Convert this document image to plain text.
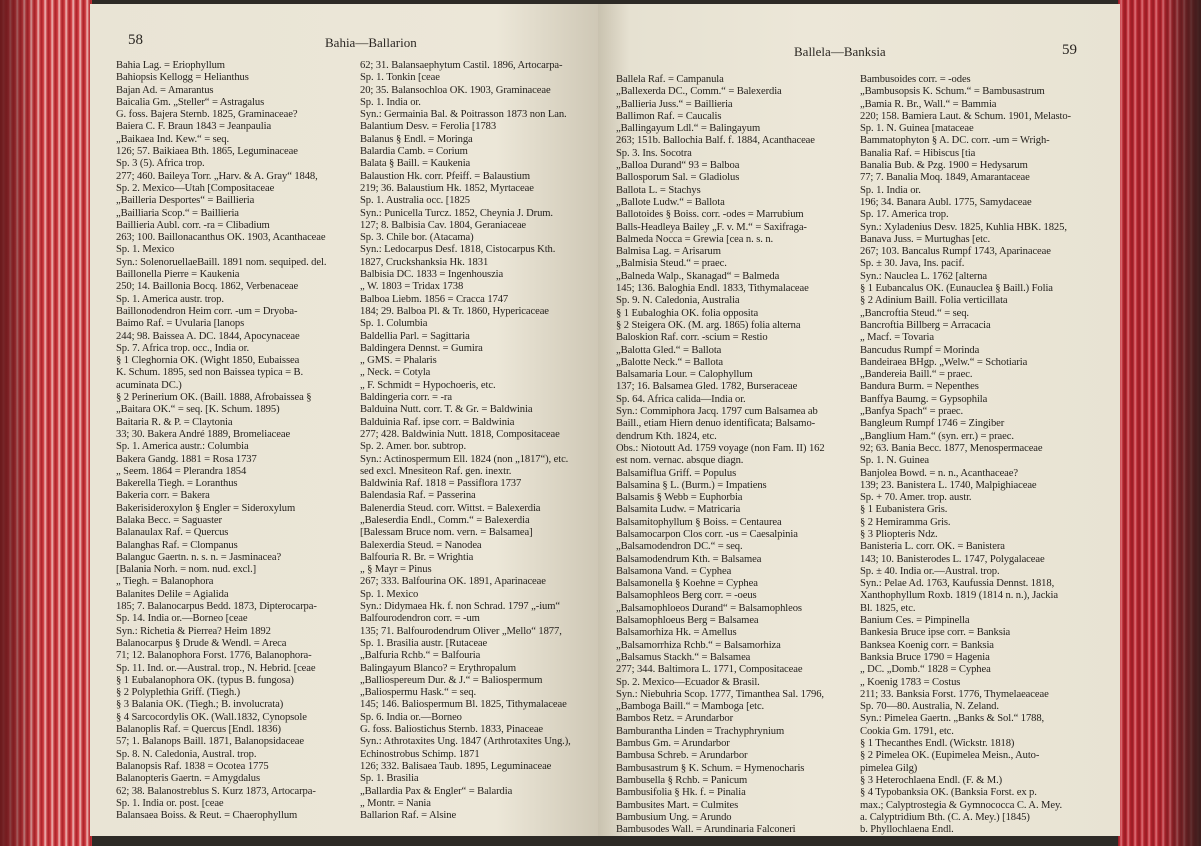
58	Bahia—Ballarion
Bahia Lag. = Eriophyllum
Bahiopsis Kellogg = Helianthus
Bajan Ad. = Amarantus
Baicalia Gm. „Steller“ = Astragalus
G. foss. Bajera Sternb. 1825, Graminaceae?
Baiera C. F. Braun 1843 = Jeanpaulia
„Baikaea Ind. Kew.“ = seq.
126; 57. Baikiaea Bth. 1865, Leguminaceae
Sp. 3 (5). Africa trop.
277; 460. Baileya Torr. „Harv. & A. Gray“ 1848,
Sp. 2. Mexico—Utah [Compositaceae
„Bailleria Desportes“ = Baillieria
„Bailliaria Scop.“ = Baillieria
Baillieria Aubl. corr. -ra = Clibadium
263; 100. Baillonacanthus OK. 1903, Acanthaceae
Sp. 1. Mexico
Syn.: SolenoruellaeBaill. 1891 nom. sequiped. del.
Baillonella Pierre = Kaukenia
250; 14. Baillonia Bocq. 1862, Verbenaceae
Sp. 1. America austr. trop.
Baillonodendron Heim corr. -um = Dryoba-
Baimo Raf. = Uvularia [lanops
244; 98. Baissea A. DC. 1844, Apocynaceae
Sp. 7. Africa trop. occ., India or.
§ 1 Cleghornia OK. (Wight 1850, Eubaissea
K. Schum. 1895, sed non Baissea typica = B.
acuminata DC.)
§ 2 Perinerium OK. (Baill. 1888, Afrobaissea §
„Baitara OK.“ = seq. [K. Schum. 1895)
Baitaria R. & P. = Claytonia
33; 30. Bakera André 1889, Bromeliaceae
Sp. 1. America austr.: Columbia
Bakera Gandg. 1881 = Rosa 1737
„ Seem. 1864 = Plerandra 1854
Bakerella Tiegh. = Loranthus
Bakeria corr. = Bakera
Bakerisideroxylon § Engler = Sideroxylum
Balaka Becc. = Saguaster
Balanaulax Raf. = Quercus
Balanghas Raf. = Clompanus
Balanguc Gaertn. n. s. n. = Jasminacea?
[Balania Norh. = nom. nud. excl.]
„ Tiegh. = Balanophora
Balanites Delile = Agialida
185; 7. Balanocarpus Bedd. 1873, Dipterocarpa-
Sp. 14. India or.—Borneo [ceae
Syn.: Richetia & Pierrea? Heim 1892
Balanocarpus § Drude & Wendl. = Areca
71; 12. Balanophora Forst. 1776, Balanophora-
Sp. 11. Ind. or.—Austral. trop., N. Hebrid. [ceae
§ 1 Eubalanophora OK. (typus B. fungosa)
§ 2 Polyplethia Griff. (Tiegh.)
§ 3 Balania OK. (Tiegh.; B. involucrata)
§ 4 Sarcocordylis OK. (Wall.1832, Cynopsole
Balanoplis Raf. = Quercus [Endl. 1836)
57; 1. Balanops Baill. 1871, Balanopsidaceae
Sp. 8. N. Caledonia, Austral. trop.
Balanopsis Raf. 1838 = Ocotea 1775
Balanopteris Gaertn. = Amygdalus
62; 38. Balanostreblus S. Kurz 1873, Artocarpa-
Sp. 1. India or. post. [ceae
Balansaea Boiss. & Reut. = Chaerophyllum
62; 31. Balansaephytum Castil. 1896, Artocarpa-
Sp. 1. Tonkin [ceae
20; 35. Balansochloa OK. 1903, Graminaceae
Sp. 1. India or.
Syn.: Germainia Bal. & Poitrasson 1873 non Lan.
Balantium Desv. = Ferolia [1783
Balanus § Endl. = Moringa
Balardia Camb. = Corium
Balata § Baill. = Kaukenia
Balaustion Hk. corr. Pfeiff. = Balaustium
219; 36. Balaustium Hk. 1852, Myrtaceae
Sp. 1. Australia occ. [1825
Syn.: Punicella Turcz. 1852, Cheynia J. Drum.
127; 8. Balbisia Cav. 1804, Geraniaceae
Sp. 3. Chile bor. (Atacama)
Syn.: Ledocarpus Desf. 1818, Cistocarpus Kth.
1827, Cruckshanksia Hk. 1831
Balbisia DC. 1833 = Ingenhouszia
„ W. 1803 = Tridax 1738
Balboa Liebm. 1856 = Cracca 1747
184; 29. Balboa Pl. & Tr. 1860, Hypericaceae
Sp. 1. Columbia
Baldellia Parl. = Sagittaria
Baldingera Dennst. = Gumira
„ GMS. = Phalaris
„ Neck. = Cotyla
„ F. Schmidt = Hypochoeris, etc.
Baldingeria corr. = -ra
Balduina Nutt. corr. T. & Gr. = Baldwinia
Balduinia Raf. ipse corr. = Baldwinia
277; 428. Baldwinia Nutt. 1818, Compositaceae
Sp. 2. Amer. bor. subtrop.
Syn.: Actinospermum Ell. 1824 (non „1817“), etc.
sed excl. Mnesiteon Raf. gen. inextr.
Baldwinia Raf. 1818 = Passiflora 1737
Balendasia Raf. = Passerina
Balenerdia Steud. corr. Wittst. = Balexerdia
„Baleserdia Endl., Comm.“ = Balexerdia
[Balessam Bruce nom. vern. = Balsamea]
Balexerdia Steud. = Nanodea
Balfouria R. Br. = Wrightia
„ § Mayr = Pinus
267; 333. Balfourina OK. 1891, Aparinaceae
Sp. 1. Mexico
Syn.: Didymaea Hk. f. non Schrad. 1797 „-ium“
Balfourodendron corr. = -um
135; 71. Balfourodendrum Oliver „Mello“ 1877,
Sp. 1. Brasilia austr. [Rutaceae
„Balfuria Rchb.“ = Balfouria
Balingayum Blanco? = Erythropalum
„Balliospereum Dur. & J.“ = Baliospermum
„Baliospermu Hask.“ = seq.
145; 146. Baliospermum Bl. 1825, Tithymalaceae
Sp. 6. India or.—Borneo
G. foss. Baliostichus Sternb. 1833, Pinaceae
Syn.: Athrotaxites Ung. 1847 (Arthrotaxites Ung.),
Echinostrobus Schimp. 1871
126; 332. Balisaea Taub. 1895, Leguminaceae
Sp. 1. Brasilia
„Ballardia Pax & Engler“ = Balardia
„ Montr. = Nania
Ballarion Raf. = Alsine
Ballela—Banksia	59
Ballela Raf. = Campanula
„Ballexerda DC., Comm.“ = Balexerdia
„Ballieria Juss.“ = Baillieria
Ballimon Raf. = Caucalis
„Ballingayum Ldl.“ = Balingayum
263; 151b. Ballochia Balf. f. 1884, Acanthaceae
Sp. 3. Ins. Socotra
„Balloa Durand“ 93 = Balboa
Ballosporum Sal. = Gladiolus
Ballota L. = Stachys
„Ballote Ludw.“ = Ballota
Ballotoides § Boiss. corr. -odes = Marrubium
Balls-Headleya Bailey „F. v. M.“ = Saxifraga-
Balmeda Nocca = Grewia [cea n. s. n.
Balmisa Lag. = Arisarum
„Balmisia Steud.“ = praec.
„Balneda Walp., Skanagad“ = Balmeda
145; 136. Baloghia Endl. 1833, Tithymalaceae
Sp. 9. N. Caledonia, Australia
§ 1 Eubaloghia OK. folia opposita
§ 2 Steigera OK. (M. arg. 1865) folia alterna
Baloskion Raf. corr. -scium = Restio
„Balotta Gled.“ = Ballota
„Balotte Neck.“ = Ballota
Balsamaria Lour. = Calophyllum
137; 16. Balsamea Gled. 1782, Burseraceae
Sp. 64. Africa calida—India or.
Syn.: Commiphora Jacq. 1797 cum Balsamea ab
Baill., etiam Hiern denuo identificata; Balsamo-
dendrum Kth. 1824, etc.
Obs.: Niotoutt Ad. 1759 voyage (non Fam. II) 162
est nom. vernac. absque diagn.
Balsamiflua Griff. = Populus
Balsamina § L. (Burm.) = Impatiens
Balsamis § Webb = Euphorbia
Balsamita Ludw. = Matricaria
Balsamitophyllum § Boiss. = Centaurea
Balsamocarpon Clos corr. -us = Caesalpinia
„Balsamodendron DC.“ = seq.
Balsamodendrum Kth. = Balsamea
Balsamona Vand. = Cyphea
Balsamonella § Koehne = Cyphea
Balsamophleos Berg corr. = -oeus
„Balsamophloeos Durand“ = Balsamophleos
Balsamophloeus Berg = Balsamea
Balsamorhiza Hk. = Amellus
„Balsamorrhiza Rchb.“ = Balsamorhiza
„Balsamus Stackh.“ = Balsamea
277; 344. Baltimora L. 1771, Compositaceae
Sp. 2. Mexico—Ecuador & Brasil.
Syn.: Niebuhria Scop. 1777, Timanthea Sal. 1796,
„Bamboga Baill.“ = Mamboga [etc.
Bambos Retz. = Arundarbor
Bamburantha Linden = Trachyphrynium
Bambus Gm. = Arundarbor
Bambusa Schreb. = Arundarbor
Bambusastrum § K. Schum. = Hymenocharis
Bambusella § Rchb. = Panicum
Bambusifolia § Hk. f. = Pinalia
Bambusites Mart. = Culmites
Bambusium Ung. = Arundo
Bambusodes Wall. = Arundinaria Falconeri
Bambusoides corr. = -odes
„Bambusopsis K. Schum.“ = Bambusastrum
„Bamia R. Br., Wall.“ = Bammia
220; 158. Bamiera Laut. & Schum. 1901, Melasto-
Sp. 1. N. Guinea [mataceae
Bammatophyton § A. DC. corr. -um = Wrigh-
Banalia Raf. = Hibiscus [tia
Banalia Bub. & Pzg. 1900 = Hedysarum
77; 7. Banalia Moq. 1849, Amarantaceae
Sp. 1. India or.
196; 34. Banara Aubl. 1775, Samydaceae
Sp. 17. America trop.
Syn.: Xyladenius Desv. 1825, Kuhlia HBK. 1825,
Banava Juss. = Murtughas [etc.
267; 103. Bancalus Rumpf 1743, Aparinaceae
Sp. ± 30. Java, Ins. pacif.
Syn.: Nauclea L. 1762 [alterna
§ 1 Eubancalus OK. (Eunauclea § Baill.) Folia
§ 2 Adinium Baill. Folia verticillata
„Bancroftia Steud.“ = seq.
Bancroftia Billberg = Arracacia
„ Macf. = Tovaria
Bancudus Rumpf = Morinda
Bandeiraea BHgp. „Welw.“ = Schotiaria
„Bandereia Baill.“ = praec.
Bandura Burm. = Nepenthes
Banffya Baumg. = Gypsophila
„Banfya Spach“ = praec.
Bangleum Rumpf 1746 = Zingiber
„Banglium Ham.“ (syn. err.) = praec.
92; 63. Bania Becc. 1877, Menospermaceae
Sp. 1. N. Guinea
Banjolea Bowd. = n. n., Acanthaceae?
139; 23. Banistera L. 1740, Malpighiaceae
Sp. + 70. Amer. trop. austr.
§ 1 Eubanistera Gris.
§ 2 Hemiramma Gris.
§ 3 Pliopteris Ndz.
Banisteria L. corr. OK. = Banistera
143; 10. Banisterodes L. 1747, Polygalaceae
Sp. ± 40. India or.—Austral. trop.
Syn.: Pelae Ad. 1763, Kaufussia Dennst. 1818,
Xanthophyllum Roxb. 1819 (1814 n. n.), Jackia
Bl. 1825, etc.
Banium Ces. = Pimpinella
Bankesia Bruce ipse corr. = Banksia
Banksea Koenig corr. = Banksia
Banksia Bruce 1790 = Hagenia
„ DC. „Domb.“ 1828 = Cyphea
„ Koenig 1783 = Costus
211; 33. Banksia Forst. 1776, Thymelaeaceae
Sp. 70—80. Australia, N. Zeland.
Syn.: Pimelea Gaertn. „Banks & Sol.“ 1788,
Cookia Gm. 1791, etc.
§ 1 Thecanthes Endl. (Wickstr. 1818)
§ 2 Pimelea OK. (Eupimelea Meisn., Auto-
pimelea Gilg)
§ 3 Heterochlaena Endl. (F. & M.)
§ 4 Typobanksia OK. (Banksia Forst. ex p.
max.; Calyptrostegia & Gymnococca C. A. Mey.
a. Calyptridium Bth. (C. A. Mey.) [1845)
b. Phyllochlaena Endl.
